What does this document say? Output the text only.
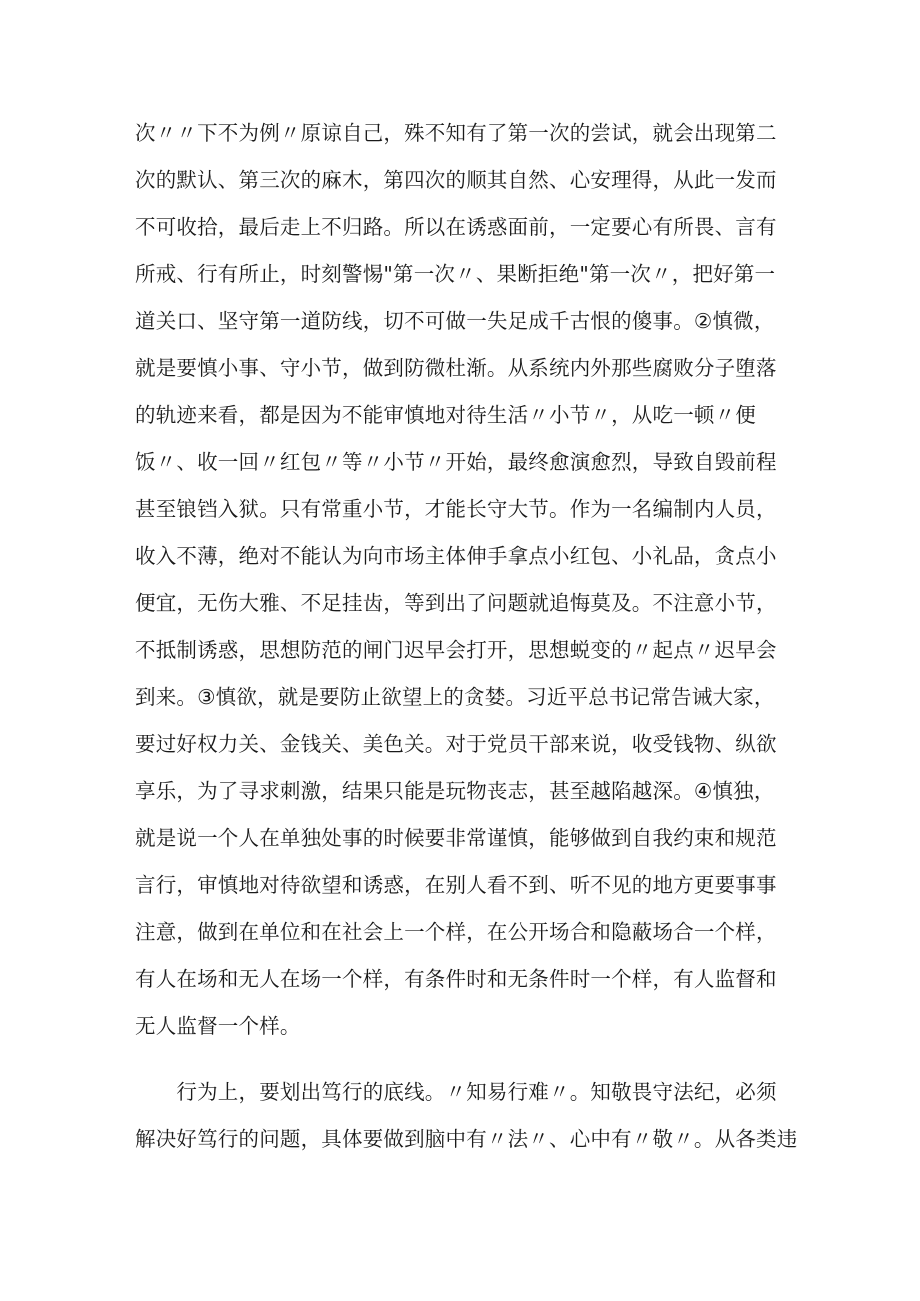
次〃〃下不为例〃原谅自己，殊不知有了第一次的尝试，就会出现第二
次的默认、第三次的麻木，第四次的顺其自然、心安理得，从此一发而
不可收拾，最后走上不归路。所以在诱惑面前，一定要心有所畏、言有
所戒、行有所止，时刻警惕"第一次〃、果断拒绝"第一次〃，把好第一
道关口、坚守第一道防线，切不可做一失足成千古恨的傻事。②慎微，
就是要慎小事、守小节，做到防微杜渐。从系统内外那些腐败分子堕落
的轨迹来看，都是因为不能审慎地对待生活〃小节〃，从吃一顿〃便
饭〃、收一回〃红包〃等〃小节〃开始，最终愈演愈烈，导致自毁前程
甚至锒铛入狱。只有常重小节，才能长守大节。作为一名编制内人员，
收入不薄，绝对不能认为向市场主体伸手拿点小红包、小礼品，贪点小
便宜，无伤大雅、不足挂齿，等到出了问题就追悔莫及。不注意小节，
不抵制诱惑，思想防范的闸门迟早会打开，思想蜕变的〃起点〃迟早会
到来。③慎欲，就是要防止欲望上的贪婪。习近平总书记常告诫大家，
要过好权力关、金钱关、美色关。对于党员干部来说，收受钱物、纵欲
享乐，为了寻求刺激，结果只能是玩物丧志，甚至越陷越深。④慎独，
就是说一个人在单独处事的时候要非常谨慎，能够做到自我约束和规范
言行，审慎地对待欲望和诱惑，在别人看不到、听不见的地方更要事事
注意，做到在单位和在社会上一个样，在公开场合和隐蔽场合一个样，
有人在场和无人在场一个样，有条件时和无条件时一个样，有人监督和
无人监督一个样。
　　行为上，要划出笃行的底线。〃知易行难〃。知敬畏守法纪，必须
解决好笃行的问题，具体要做到脑中有〃法〃、心中有〃敬〃。从各类违
